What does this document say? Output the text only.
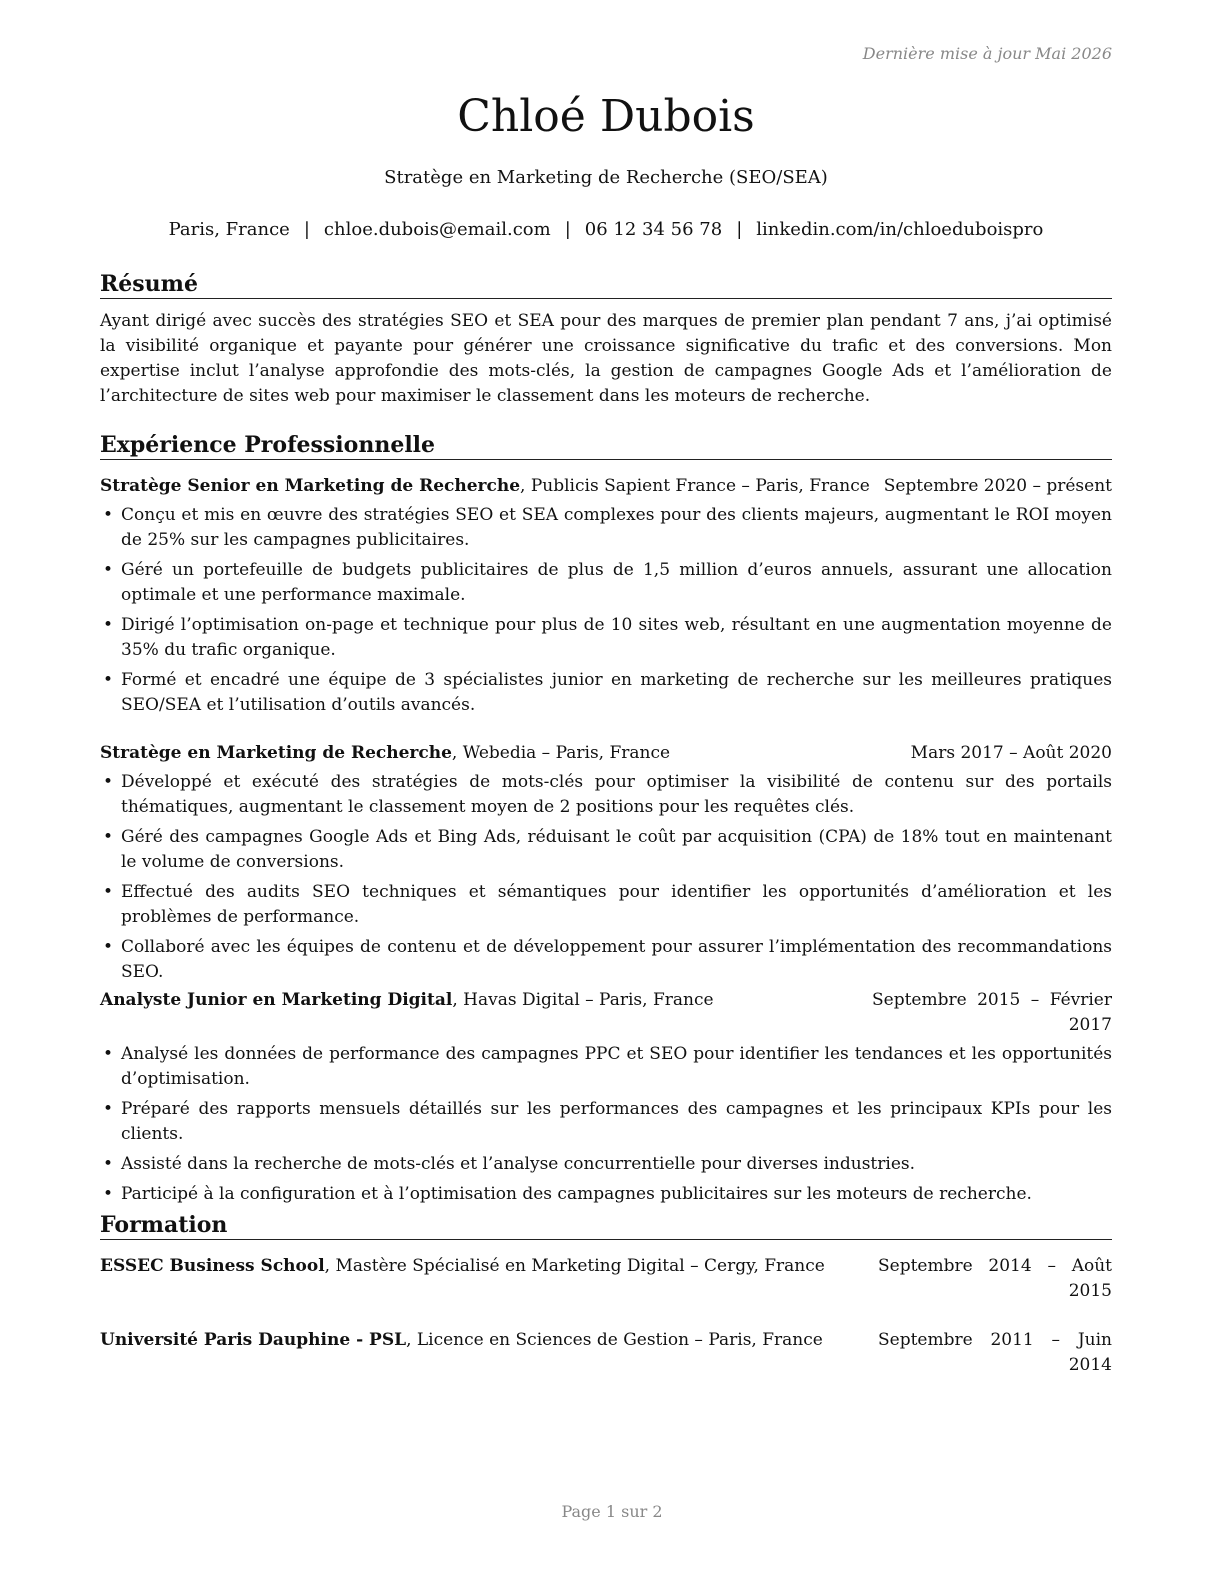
Dernière mise à jour Mai 2026
Chloé Dubois
Stratège en Marketing de Recherche (SEO/SEA)
Paris, France | chloe.dubois@email.com | 06 12 34 56 78 | linkedin.com/in/chloeduboispro
Résumé

Ayant dirigé avec succès des stratégies SEO et SEA pour des marques de premier plan pendant 7 ans, j’ai optimisé la visibilité organique et payante pour générer une croissance significative du trafic et des conversions. Mon expertise inclut l’analyse approfondie des mots-clés, la gestion de campagnes Google Ads et l’amélioration de l’architecture de sites web pour maximiser le classement dans les moteurs de recherche.

Expérience Professionnelle
Stratège Senior en Marketing de Recherche, Publicis Sapient France – Paris, France Septembre 2020 – présent
• Conçu et mis en œuvre des stratégies SEO et SEA complexes pour des clients majeurs, augmentant le ROI moyen de 25% sur les campagnes publicitaires.
• Géré un portefeuille de budgets publicitaires de plus de 1,5 million d’euros annuels, assurant une allocation optimale et une performance maximale.
• Dirigé l’optimisation on-page et technique pour plus de 10 sites web, résultant en une augmentation moyenne de 35% du trafic organique.
• Formé et encadré une équipe de 3 spécialistes junior en marketing de recherche sur les meilleures pratiques SEO/SEA et l’utilisation d’outils avancés.
Stratège en Marketing de Recherche, Webedia – Paris, France	Mars 2017 – Août 2020
• Développé et exécuté des stratégies de mots-clés pour optimiser la visibilité de contenu sur des portails thématiques, augmentant le classement moyen de 2 positions pour les requêtes clés.
• Géré des campagnes Google Ads et Bing Ads, réduisant le coût par acquisition (CPA) de 18% tout en maintenant le volume de conversions.
• Effectué des audits SEO techniques et sémantiques pour identifier les opportunités d’amélioration et les problèmes de performance.
• Collaboré avec les équipes de contenu et de développement pour assurer l’implémentation des recommandations SEO.
Analyste Junior en Marketing Digital, Havas Digital – Paris, France	Septembre 2015 – Février 2017
• Analysé les données de performance des campagnes PPC et SEO pour identifier les tendances et les opportunités d’optimisation.
• Préparé des rapports mensuels détaillés sur les performances des campagnes et les principaux KPIs pour les clients.
• Assisté dans la recherche de mots-clés et l’analyse concurrentielle pour diverses industries.
• Participé à la configuration et à l’optimisation des campagnes publicitaires sur les moteurs de recherche.
Formation
ESSEC Business School, Mastère Spécialisé en Marketing Digital – Cergy, France	Septembre 2014 – Août 2015
Université Paris Dauphine - PSL, Licence en Sciences de Gestion – Paris, France	Septembre 2011 – Juin 2014
Page 1 sur 2
